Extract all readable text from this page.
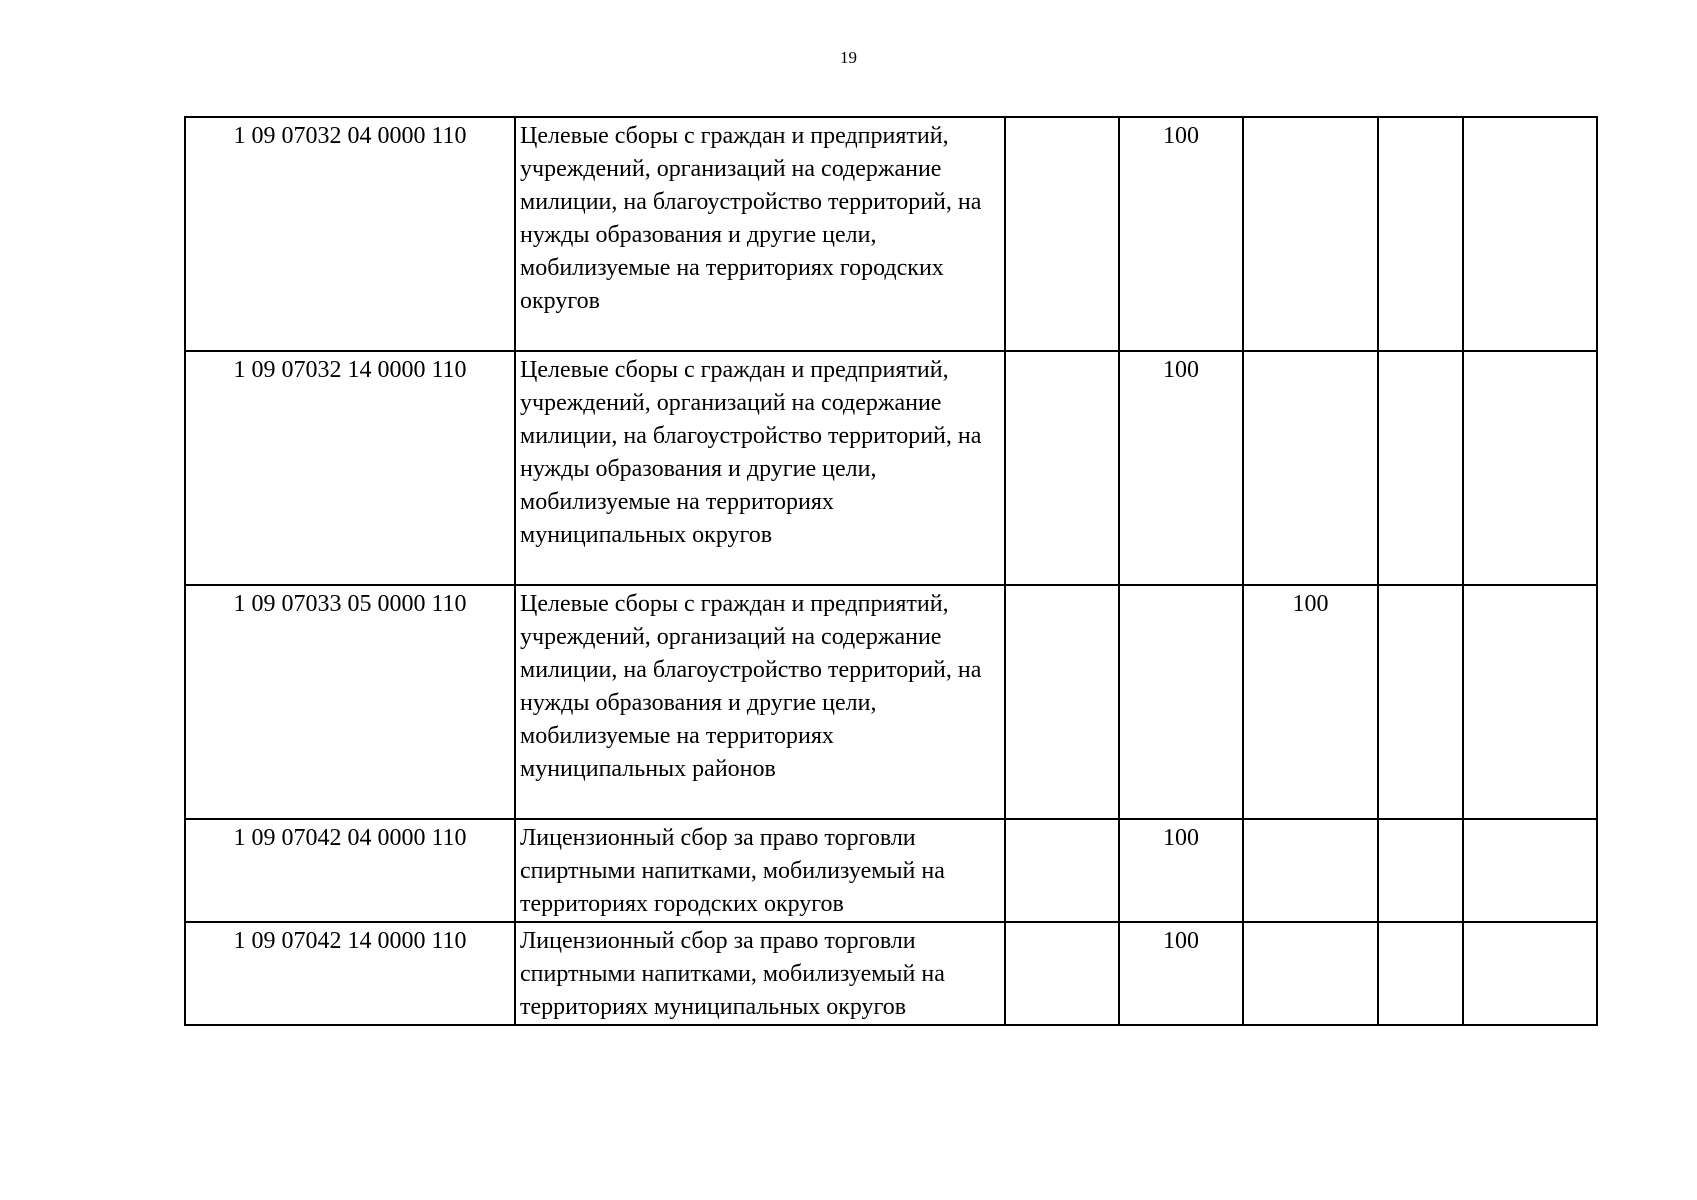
19
1 09 07032 04 0000 110	Целевые сборы с граждан и предприятий, учреждений, организаций на содержание милиции, на благоустройство территорий, на нужды образования и другие цели, мобилизуемые на территориях городских округов		100			
1 09 07032 14 0000 110	Целевые сборы с граждан и предприятий, учреждений, организаций на содержание милиции, на благоустройство территорий, на нужды образования и другие цели, мобилизуемые на территориях муниципальных округов		100			
1 09 07033 05 0000 110	Целевые сборы с граждан и предприятий, учреждений, организаций на содержание милиции, на благоустройство территорий, на нужды образования и другие цели, мобилизуемые на территориях муниципальных районов			100		
1 09 07042 04 0000 110	Лицензионный сбор за право торговли спиртными напитками, мобилизуемый на территориях городских округов		100			
1 09 07042 14 0000 110	Лицензионный сбор за право торговли спиртными напитками, мобилизуемый на территориях муниципальных округов		100			
